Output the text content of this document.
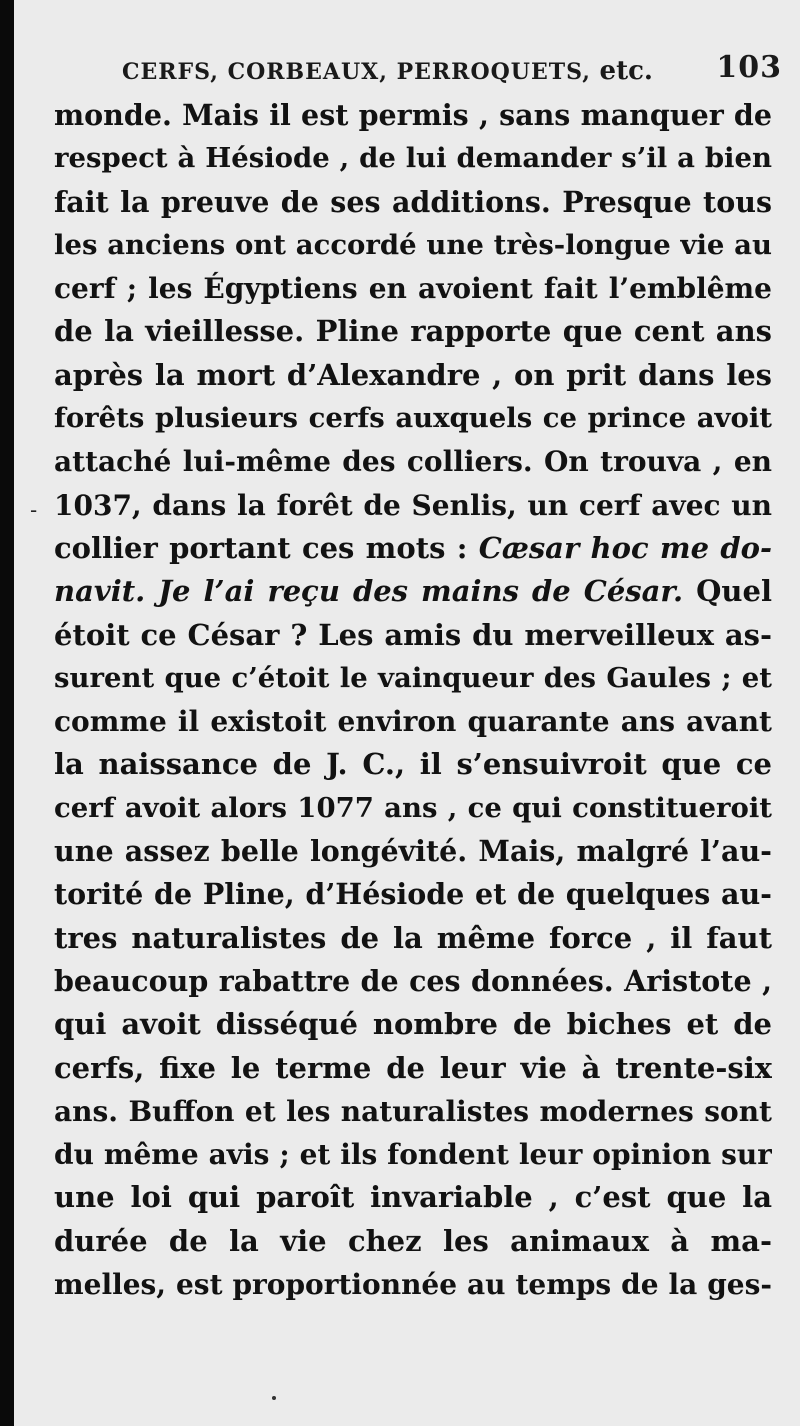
CERFS, CORBEAUX, PERROQUETS, etc. 103
-
monde. Mais il est permis , sans manquer de
respect à Hésiode , de lui demander s’il a bien
fait la preuve de ses additions. Presque tous
les anciens ont accordé une très-longue vie au
cerf ; les Égyptiens en avoient fait l’emblême
de la vieillesse. Pline rapporte que cent ans
après la mort d’Alexandre , on prit dans les
forêts plusieurs cerfs auxquels ce prince avoit
attaché lui-même des colliers. On trouva , en
1037, dans la forêt de Senlis, un cerf avec un
collier portant ces mots : Cæsar hoc me do-
navit. Je l’ai reçu des mains de César. Quel
étoit ce César ? Les amis du merveilleux as-
surent que c’étoit le vainqueur des Gaules ; et
comme il existoit environ quarante ans avant
la naissance de J. C., il s’ensuivroit que ce
cerf avoit alors 1077 ans , ce qui constitueroit
une assez belle longévité. Mais, malgré l’au-
torité de Pline, d’Hésiode et de quelques au-
tres naturalistes de la même force , il faut
beaucoup rabattre de ces données. Aristote ,
qui avoit disséqué nombre de biches et de
cerfs, fixe le terme de leur vie à trente-six
ans. Buffon et les naturalistes modernes sont
du même avis ; et ils fondent leur opinion sur
une loi qui paroît invariable , c’est que la
durée de la vie chez les animaux à ma-
melles, est proportionnée au temps de la ges-
